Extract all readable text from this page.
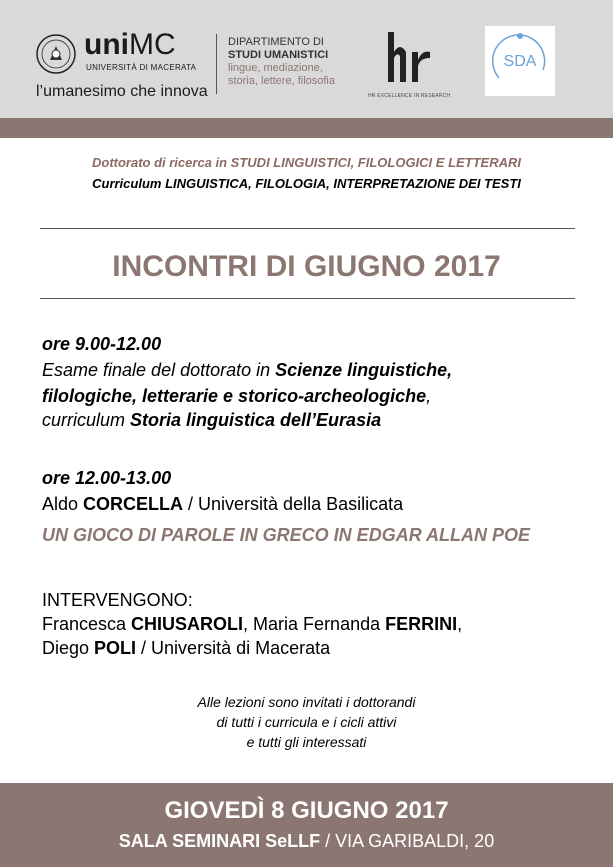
uniMC
UNIVERSITÀ DI MACERATA
l’umanesimo che innova
DIPARTIMENTO DI
STUDI UMANISTICI
lingue, mediazione,
storia, lettere, filosofia
HR EXCELLENCE IN RESEARCH
SDA
Dottorato di ricerca in STUDI LINGUISTICI, FILOLOGICI E LETTERARI
Curriculum LINGUISTICA, FILOLOGIA, INTERPRETAZIONE DEI TESTI
INCONTRI DI GIUGNO 2017
ore 9.00-12.00
Esame finale del dottorato in Scienze linguistiche,
filologiche, letterarie e storico-archeologiche,
curriculum Storia linguistica dell’Eurasia
ore 12.00-13.00
Aldo CORCELLA / Università della Basilicata
UN GIOCO DI PAROLE IN GRECO IN EDGAR ALLAN POE
INTERVENGONO:
Francesca CHIUSAROLI, Maria Fernanda FERRINI,
Diego POLI / Università di Macerata
Alle lezioni sono invitati i dottorandi
di tutti i curricula e i cicli attivi
e tutti gli interessati
GIOVEDÌ 8 GIUGNO 2017
SALA SEMINARI SeLLF / VIA GARIBALDI, 20
